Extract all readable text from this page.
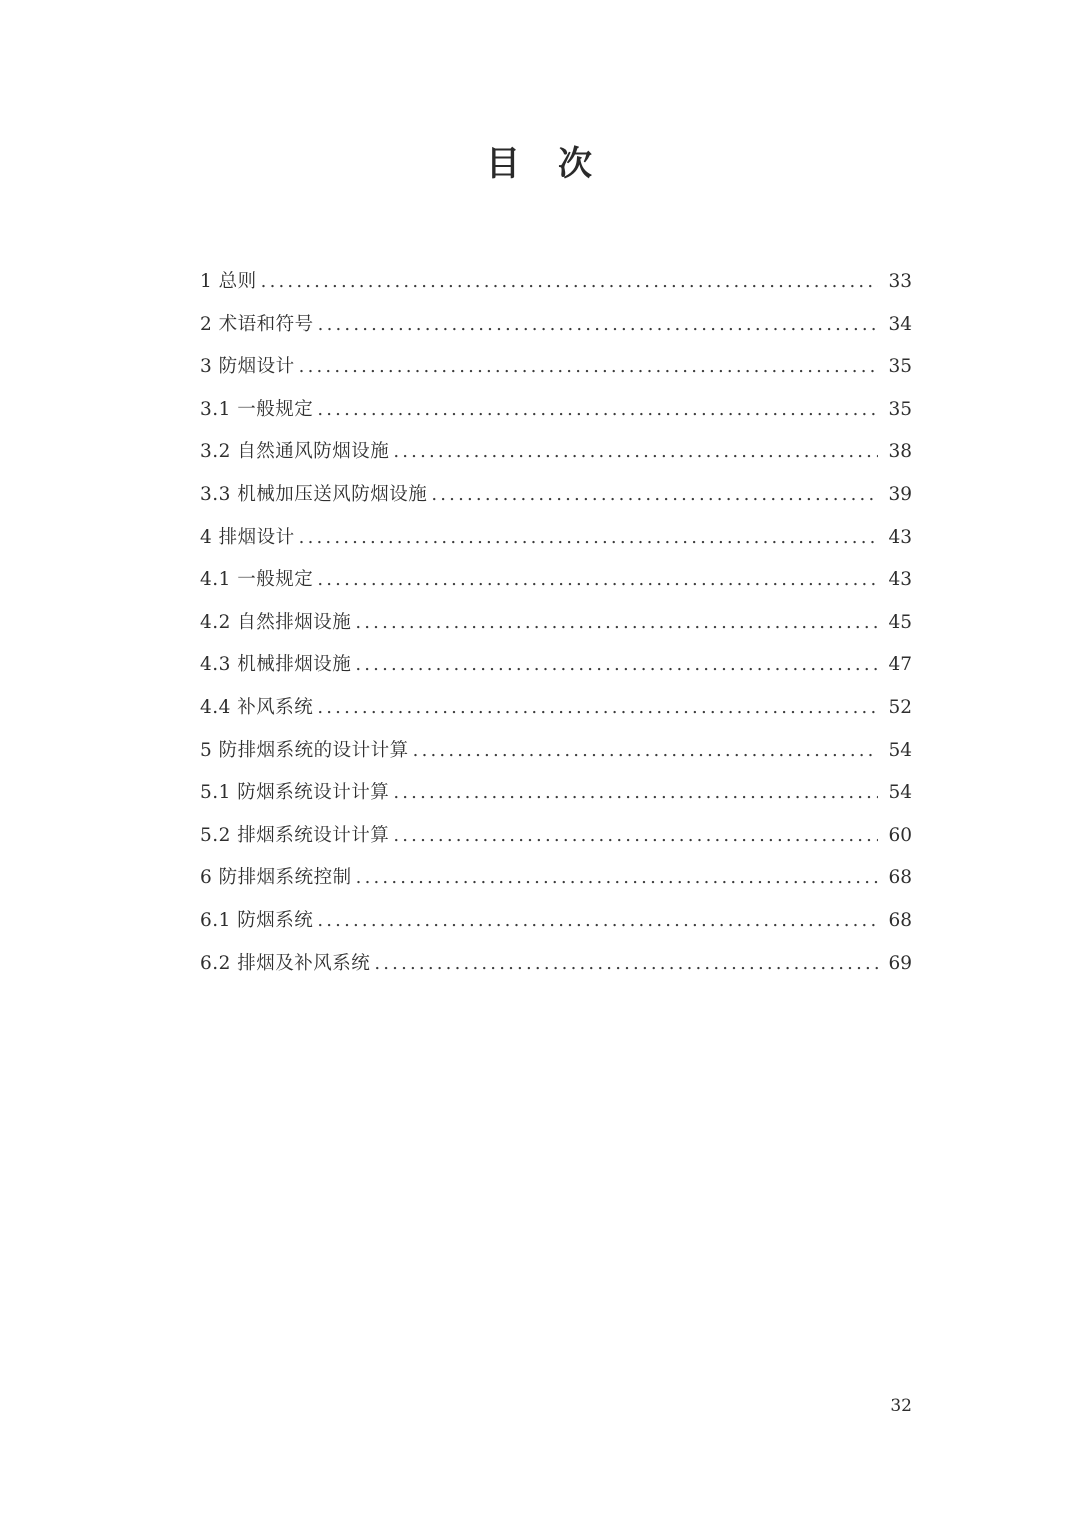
目　次
1 总则 .....	33
2 术语和符号 .....	34
3 防烟设计 .....	35
3.1 一般规定 .....	35
3.2 自然通风防烟设施 .....	38
3.3 机械加压送风防烟设施 .....	39
4 排烟设计 .....	43
4.1 一般规定 .....	43
4.2 自然排烟设施 .....	45
4.3 机械排烟设施 .....	47
4.4 补风系统 .....	52
5 防排烟系统的设计计算 .....	54
5.1 防烟系统设计计算 .....	54
5.2 排烟系统设计计算 .....	60
6 防排烟系统控制 .....	68
6.1 防烟系统 .....	68
6.2 排烟及补风系统 .....	69
32
